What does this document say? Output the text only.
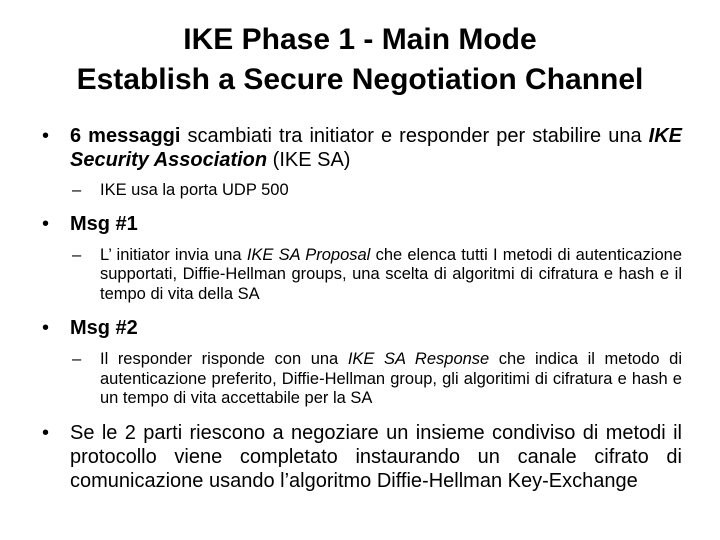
IKE Phase 1 - Main Mode
Establish a Secure Negotiation Channel
• 6 messaggi scambiati tra initiator e responder per stabilire una IKE Security Association (IKE SA)
– IKE usa la porta UDP 500
• Msg #1
– L’ initiator invia una IKE SA Proposal che elenca tutti I metodi di autenticazione supportati, Diffie-Hellman groups, una scelta di algoritmi di cifratura e hash e il tempo di vita della SA
• Msg #2
– Il responder risponde con una IKE SA Response che indica il metodo di autenticazione preferito, Diffie-Hellman group, gli algoritimi di cifratura e hash e un tempo di vita accettabile per la SA
• Se le 2 parti riescono a negoziare un insieme condiviso di metodi il protocollo viene completato instaurando un canale cifrato di comunicazione usando l’algoritmo Diffie-Hellman Key-Exchange
